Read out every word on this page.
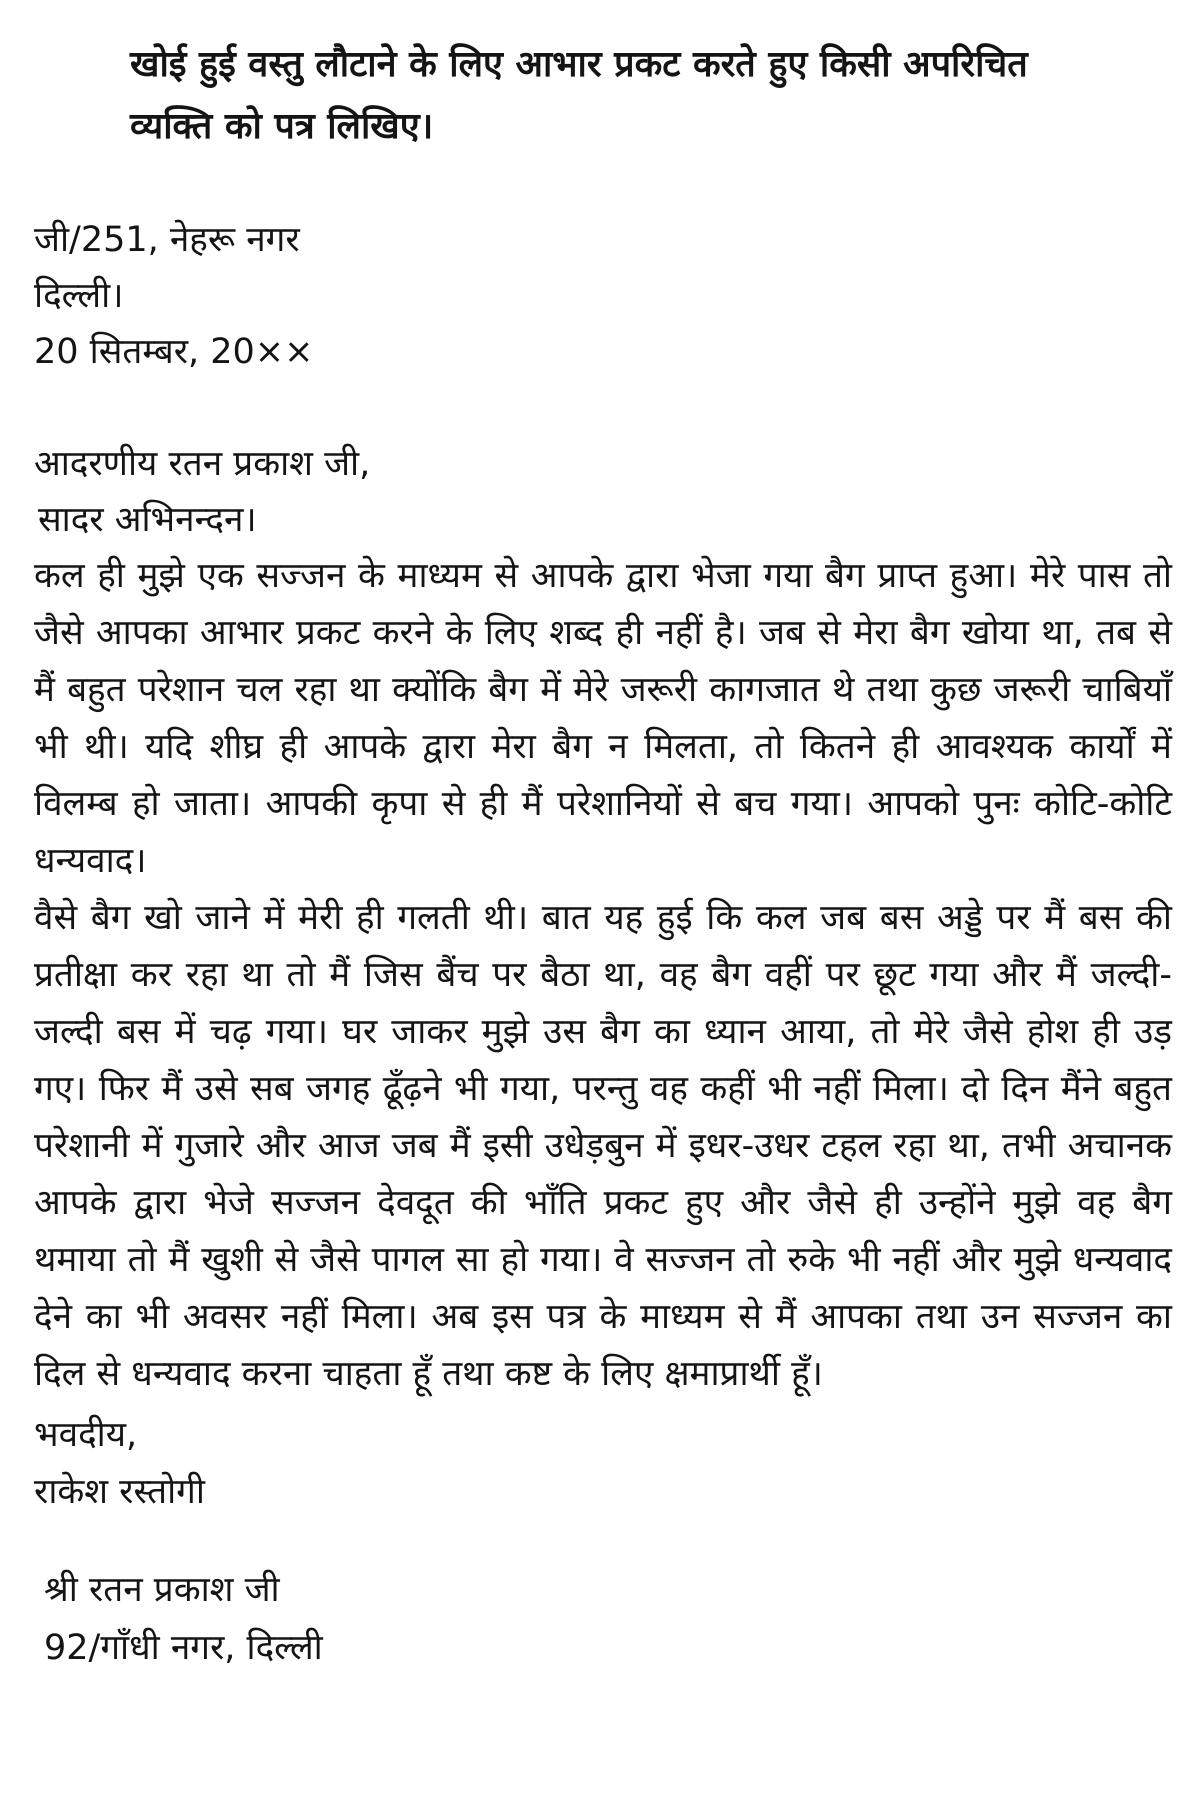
खोई हुई वस्तु लौटाने के लिए आभार प्रकट करते हुए किसी अपरिचित
व्यक्ति को पत्र लिखिए।
जी/251, नेहरू नगर
दिल्ली।
20 सितम्बर, 20××
आदरणीय रतन प्रकाश जी,
सादर अभिनन्दन।
कल ही मुझे एक सज्जन के माध्यम से आपके द्वारा भेजा गया बैग प्राप्त हुआ। मेरे पास तो जैसे आपका आभार प्रकट करने के लिए शब्द ही नहीं है। जब से मेरा बैग खोया था, तब से मैं बहुत परेशान चल रहा था क्योंकि बैग में मेरे जरूरी कागजात थे तथा कुछ जरूरी चाबियाँ भी थी। यदि शीघ्र ही आपके द्वारा मेरा बैग न मिलता, तो कितने ही आवश्यक कार्यों में विलम्ब हो जाता। आपकी कृपा से ही मैं परेशानियों से बच गया। आपको पुनः कोटि-कोटि धन्यवाद।
वैसे बैग खो जाने में मेरी ही गलती थी। बात यह हुई कि कल जब बस अड्डे पर मैं बस की प्रतीक्षा कर रहा था तो मैं जिस बैंच पर बैठा था, वह बैग वहीं पर छूट गया और मैं जल्दी-जल्दी बस में चढ़ गया। घर जाकर मुझे उस बैग का ध्यान आया, तो मेरे जैसे होश ही उड़ गए। फिर मैं उसे सब जगह ढूँढ़ने भी गया, परन्तु वह कहीं भी नहीं मिला। दो दिन मैंने बहुत परेशानी में गुजारे और आज जब मैं इसी उधेड़बुन में इधर-उधर टहल रहा था, तभी अचानक आपके द्वारा भेजे सज्जन देवदूत की भाँति प्रकट हुए और जैसे ही उन्होंने मुझे वह बैग थमाया तो मैं खुशी से जैसे पागल सा हो गया। वे सज्जन तो रुके भी नहीं और मुझे धन्यवाद देने का भी अवसर नहीं मिला। अब इस पत्र के माध्यम से मैं आपका तथा उन सज्जन का दिल से धन्यवाद करना चाहता हूँ तथा कष्ट के लिए क्षमाप्रार्थी हूँ।
भवदीय,
राकेश रस्तोगी
श्री रतन प्रकाश जी
92/गाँधी नगर, दिल्ली
